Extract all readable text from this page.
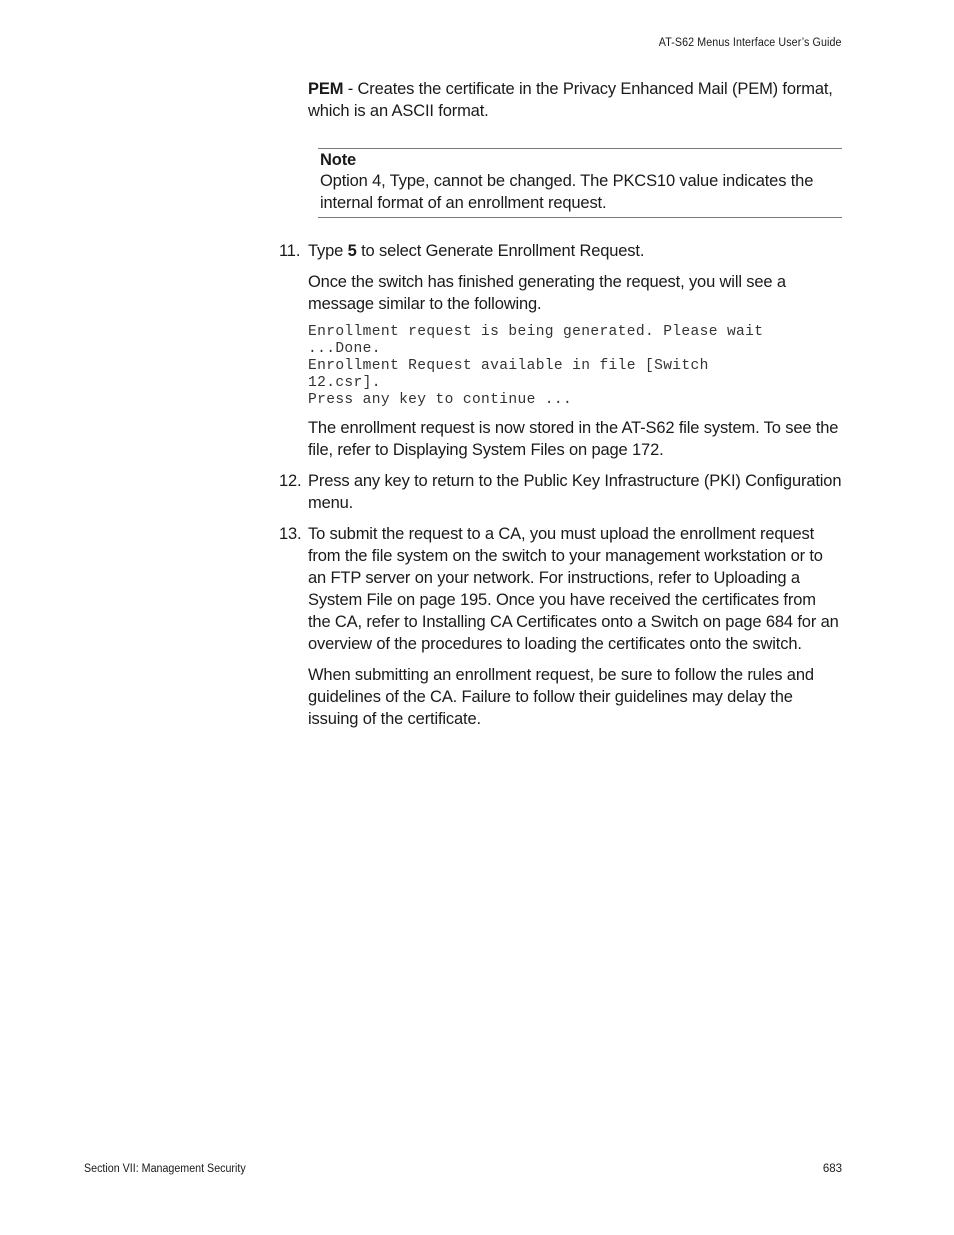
AT-S62 Menus Interface User’s Guide

PEM - Creates the certificate in the Privacy Enhanced Mail (PEM) format, which is an ASCII format.

Note
Option 4, Type, cannot be changed. The PKCS10 value indicates the internal format of an enrollment request.
11. Type 5 to select Generate Enrollment Request.

Once the switch has finished generating the request, you will see a message similar to the following.

Enrollment request is being generated. Please wait
...Done.
Enrollment Request available in file [Switch
12.csr].
Press any key to continue ...

The enrollment request is now stored in the AT-S62 file system. To see the file, refer to Displaying System Files on page 172.

12. Press any key to return to the Public Key Infrastructure (PKI) Configuration menu.

13. To submit the request to a CA, you must upload the enrollment request from the file system on the switch to your management workstation or to an FTP server on your network. For instructions, refer to Uploading a System File on page 195. Once you have received the certificates from the CA, refer to Installing CA Certificates onto a Switch on page 684 for an overview of the procedures to loading the certificates onto the switch.

When submitting an enrollment request, be sure to follow the rules and guidelines of the CA. Failure to follow their guidelines may delay the issuing of the certificate.

Section VII: Management Security	683
